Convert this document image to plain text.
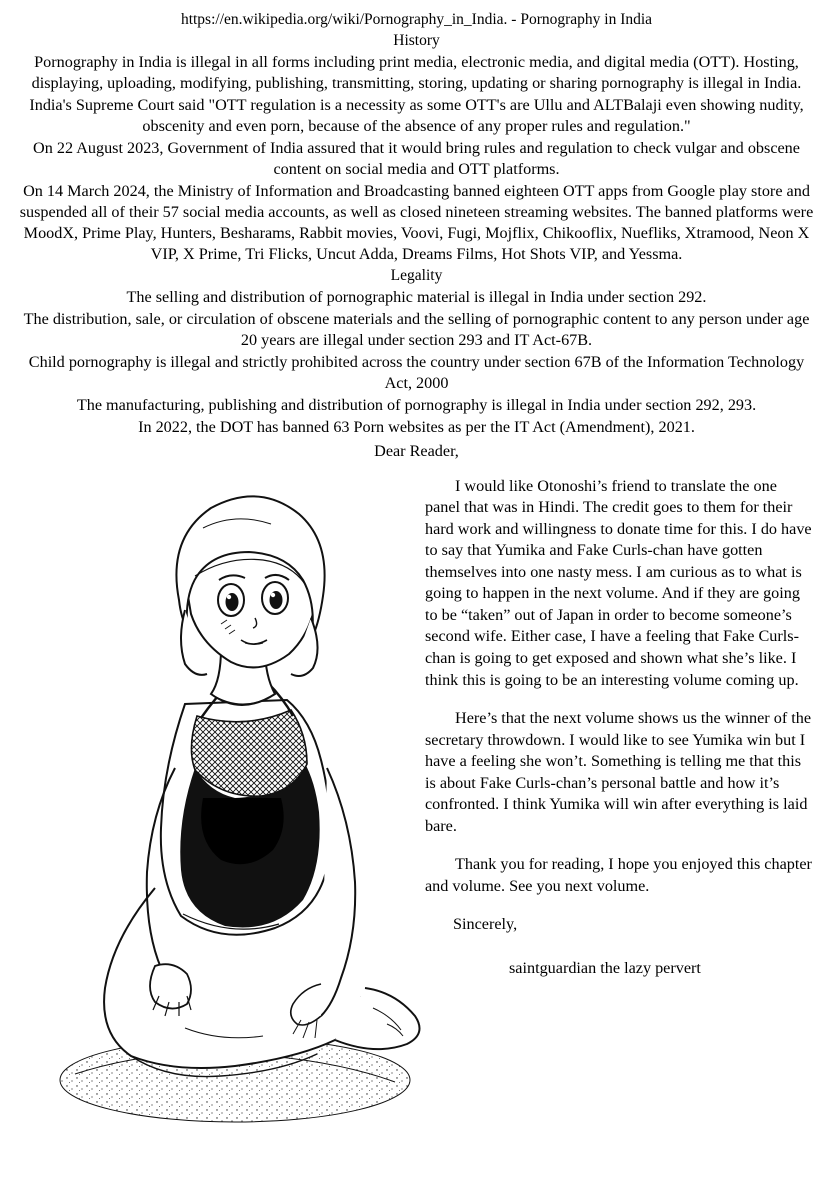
https://en.wikipedia.org/wiki/Pornography_in_India. - Pornography in India
History
Pornography in India is illegal in all forms including print media, electronic media, and digital media (OTT). Hosting, displaying, uploading, modifying, publishing, transmitting, storing, updating or sharing pornography is illegal in India.
India's Supreme Court said "OTT regulation is a necessity as some OTT's are Ullu and ALTBalaji even showing nudity, obscenity and even porn, because of the absence of any proper rules and regulation."
On 22 August 2023, Government of India assured that it would bring rules and regulation to check vulgar and obscene content on social media and OTT platforms.
On 14 March 2024, the Ministry of Information and Broadcasting banned eighteen OTT apps from Google play store and suspended all of their 57 social media accounts, as well as closed nineteen streaming websites. The banned platforms were MoodX, Prime Play, Hunters, Besharams, Rabbit movies, Voovi, Fugi, Mojflix, Chikooflix, Nuefliks, Xtramood, Neon X VIP, X Prime, Tri Flicks, Uncut Adda, Dreams Films, Hot Shots VIP, and Yessma.
Legality
The selling and distribution of pornographic material is illegal in India under section 292.
The distribution, sale, or circulation of obscene materials and the selling of pornographic content to any person under age 20 years are illegal under section 293 and IT Act-67B.
Child pornography is illegal and strictly prohibited across the country under section 67B of the Information Technology Act, 2000
The manufacturing, publishing and distribution of pornography is illegal in India under section 292, 293.
In 2022, the DOT has banned 63 Porn websites as per the IT Act (Amendment), 2021.
Dear Reader,

I would like Otonoshi’s friend to translate the one panel that was in Hindi. The credit goes to them for their hard work and willingness to donate time for this. I do have to say that Yumika and Fake Curls-chan have gotten themselves into one nasty mess. I am curious as to what is going to happen in the next volume. And if they are going to be “taken” out of Japan in order to become someone’s second wife. Either case, I have a feeling that Fake Curls-chan is going to get exposed and shown what she’s like. I think this is going to be an interesting volume coming up.

Here’s that the next volume shows us the winner of the secretary throwdown. I would like to see Yumika win but I have a feeling she won’t. Something is telling me that this is about Fake Curls-chan’s personal battle and how it’s confronted. I think Yumika will win after everything is laid bare.

Thank you for reading, I hope you enjoyed this chapter and volume. See you next volume.

Sincerely,

saintguardian the lazy pervert
